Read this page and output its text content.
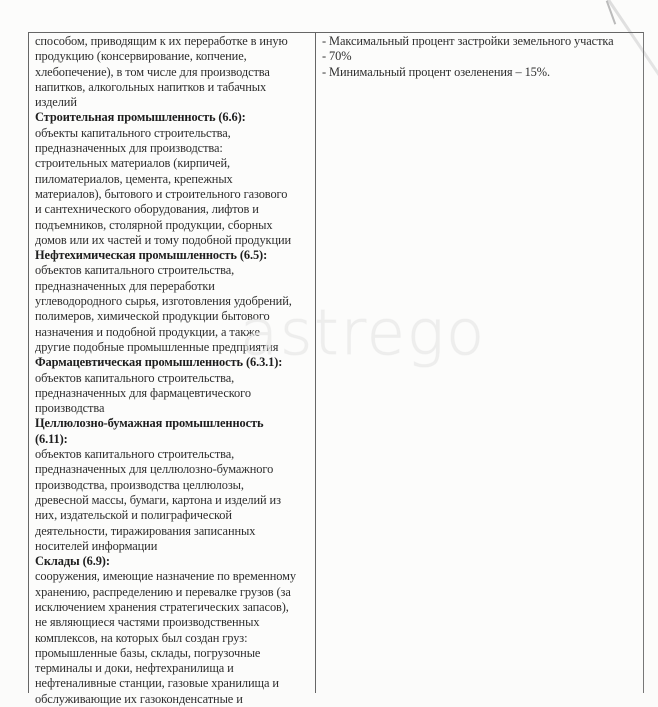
способом, приводящим к их переработке в иную
продукцию (консервирование, копчение,
хлебопечение), в том числе для производства
напитков, алкогольных напитков и табачных
изделий
Строительная промышленность (6.6):
объекты капитального строительства,
предназначенных для производства:
строительных материалов (кирпичей,
пиломатериалов, цемента, крепежных
материалов), бытового и строительного газового
и сантехнического оборудования, лифтов и
подъемников, столярной продукции, сборных
домов или их частей и тому подобной продукции
Нефтехимическая промышленность (6.5):
объектов капитального строительства,
предназначенных для переработки
углеводородного сырья, изготовления удобрений,
полимеров, химической продукции бытового
назначения и подобной продукции, а также
другие подобные промышленные предприятия
Фармацевтическая промышленность (6.3.1):
объектов капитального строительства,
предназначенных для фармацевтического
производства
Целлюлозно-бумажная промышленность
(6.11):
объектов капитального строительства,
предназначенных для целлюлозно-бумажного
производства, производства целлюлозы,
древесной массы, бумаги, картона и изделий из
них, издательской и полиграфической
деятельности, тиражирования записанных
носителей информации
Склады (6.9):
сооружения, имеющие назначение по временному
хранению, распределению и перевалке грузов (за
исключением хранения стратегических запасов),
не являющиеся частями производственных
комплексов, на которых был создан груз:
промышленные базы, склады, погрузочные
терминалы и доки, нефтехранилища и
нефтеналивные станции, газовые хранилища и
обслуживающие их газоконденсатные и
- Максимальный процент застройки земельного участка
- 70%
- Минимальный процент озеленения – 15%.
astrego
